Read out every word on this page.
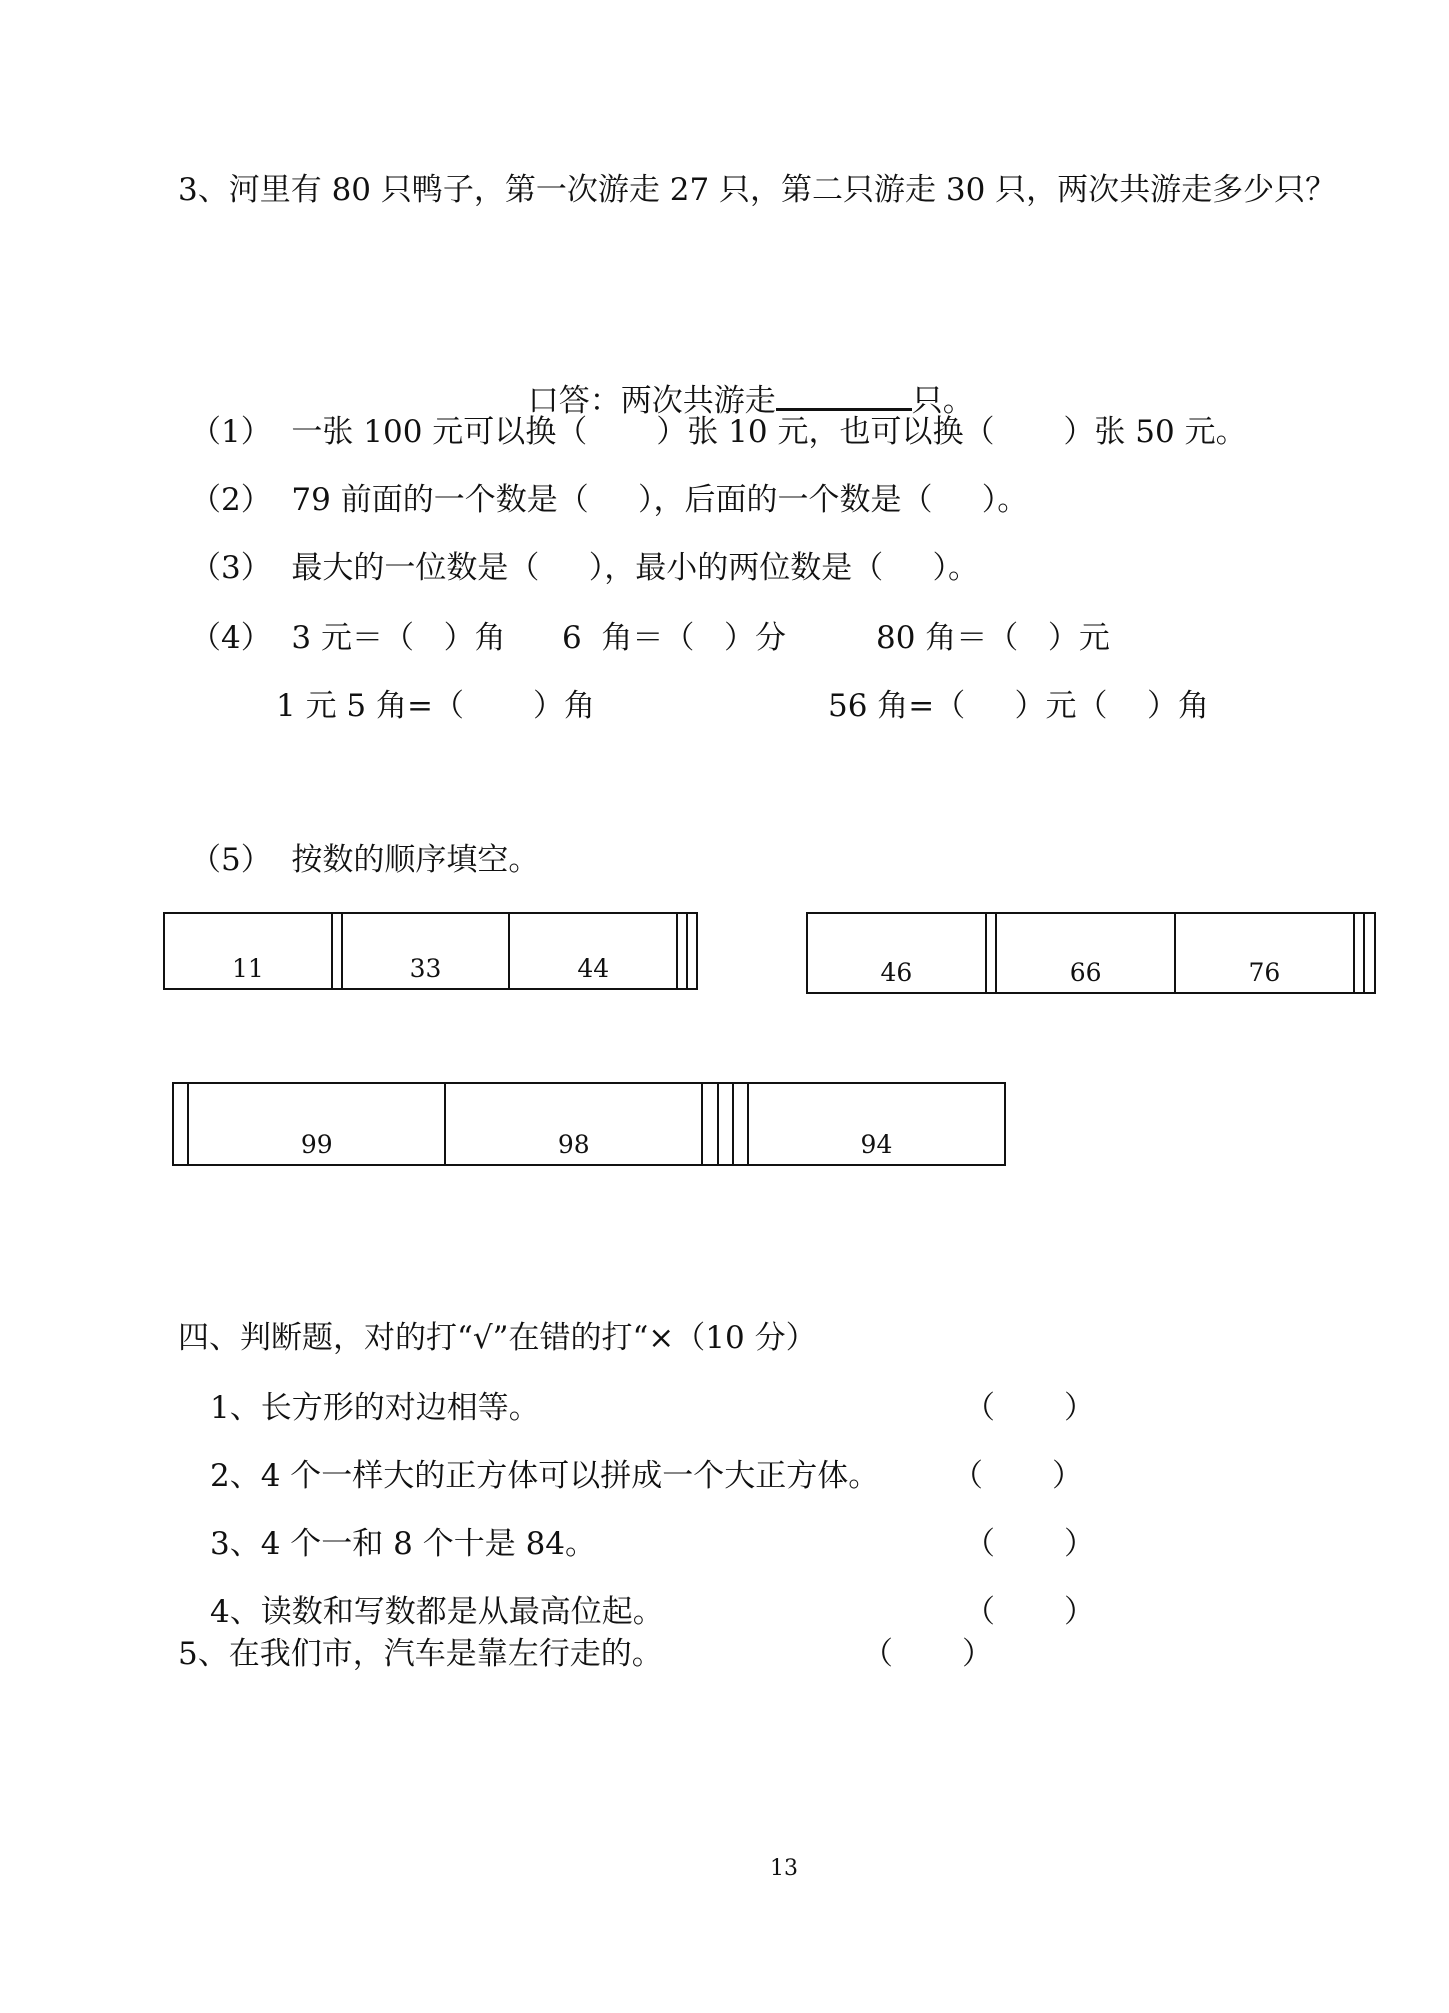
3、河里有 80 只鸭子，第一次游走 27 只，第二只游走 30 只，两次共游走多少只？

口答：两次共游走	只。

（1）  一张 100 元可以换（       ）张 10 元，也可以换（       ）张 50 元。
（2）  79 前面的一个数是（     ），后面的一个数是（     ）。
（3）  最大的一位数是（     ），最小的两位数是（     ）。
（4）  3 元＝（   ）角 6  角＝（   ）分	80 角＝（   ）元
1 元 5 角=（       ）角	56 角=（     ）元（    ）角
（5）  按数的顺序填空。
11		33	44

		46		66	76

99	98				94
四、判断题，对的打“√”在错的打“×（10 分）
1、长方形的对边相等。	（       ）
2、4 个一样大的正方体可以拼成一个大正方体。 （       ）
3、4 个一和 8 个十是 84。	（       ）
4、读数和写数都是从最高位起。	（       ）
5、在我们市，汽车是靠左行走的。	（       ）
13
